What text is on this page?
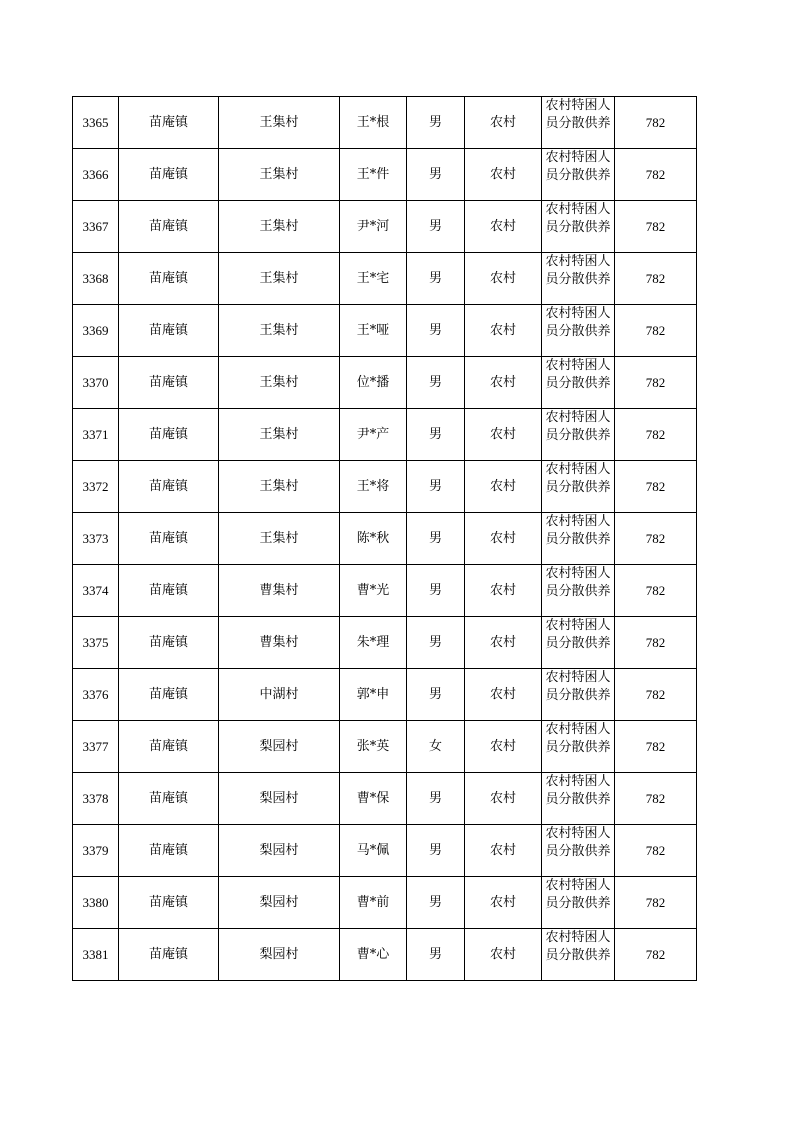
3365	苗庵镇	王集村	王*根	男	农村	农村特困人员分散供养	782
3366	苗庵镇	王集村	王*件	男	农村	农村特困人员分散供养	782
3367	苗庵镇	王集村	尹*河	男	农村	农村特困人员分散供养	782
3368	苗庵镇	王集村	王*宅	男	农村	农村特困人员分散供养	782
3369	苗庵镇	王集村	王*哑	男	农村	农村特困人员分散供养	782
3370	苗庵镇	王集村	位*播	男	农村	农村特困人员分散供养	782
3371	苗庵镇	王集村	尹*产	男	农村	农村特困人员分散供养	782
3372	苗庵镇	王集村	王*将	男	农村	农村特困人员分散供养	782
3373	苗庵镇	王集村	陈*秋	男	农村	农村特困人员分散供养	782
3374	苗庵镇	曹集村	曹*光	男	农村	农村特困人员分散供养	782
3375	苗庵镇	曹集村	朱*理	男	农村	农村特困人员分散供养	782
3376	苗庵镇	中湖村	郭*申	男	农村	农村特困人员分散供养	782
3377	苗庵镇	梨园村	张*英	女	农村	农村特困人员分散供养	782
3378	苗庵镇	梨园村	曹*保	男	农村	农村特困人员分散供养	782
3379	苗庵镇	梨园村	马*佩	男	农村	农村特困人员分散供养	782
3380	苗庵镇	梨园村	曹*前	男	农村	农村特困人员分散供养	782
3381	苗庵镇	梨园村	曹*心	男	农村	农村特困人员分散供养	782
